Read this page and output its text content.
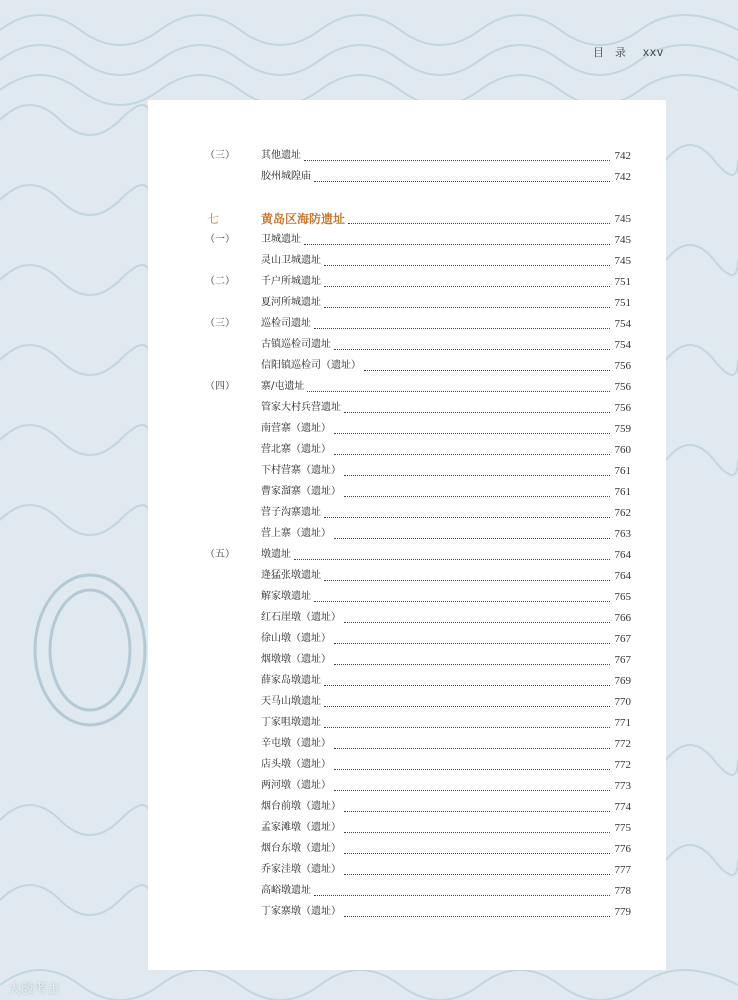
目 录 xxv
（三）	其他遗址	742
胶州城隍庙	742
七	黄岛区海防遗址	745
（一）	卫城遗址	745
灵山卫城遗址	745
（二）	千户所城遗址	751
夏河所城遗址	751
（三）	巡检司遗址	754
古镇巡检司遗址	754
信阳镇巡检司（遗址）	756
（四）	寨/屯遗址	756
管家大村兵营遗址	756
南营寨（遗址）	759
营北寨（遗址）	760
下村营寨（遗址）	761
曹家溜寨（遗址）	761
营子沟寨遗址	762
营上寨（遗址）	763
（五）	墩遗址	764
逄猛张墩遗址	764
解家墩遗址	765
红石崖墩（遗址）	766
徐山墩（遗址）	767
烟墩墩（遗址）	767
薛家岛墩遗址	769
天马山墩遗址	770
丁家咀墩遗址	771
辛屯墩（遗址）	772
店头墩（遗址）	772
两河墩（遗址）	773
烟台前墩（遗址）	774
孟家滩墩（遗址）	775
烟台东墩（遗址）	776
乔家洼墩（遗址）	777
高峪墩遗址	778
丁家寨墩（遗址）	779
大般考古
